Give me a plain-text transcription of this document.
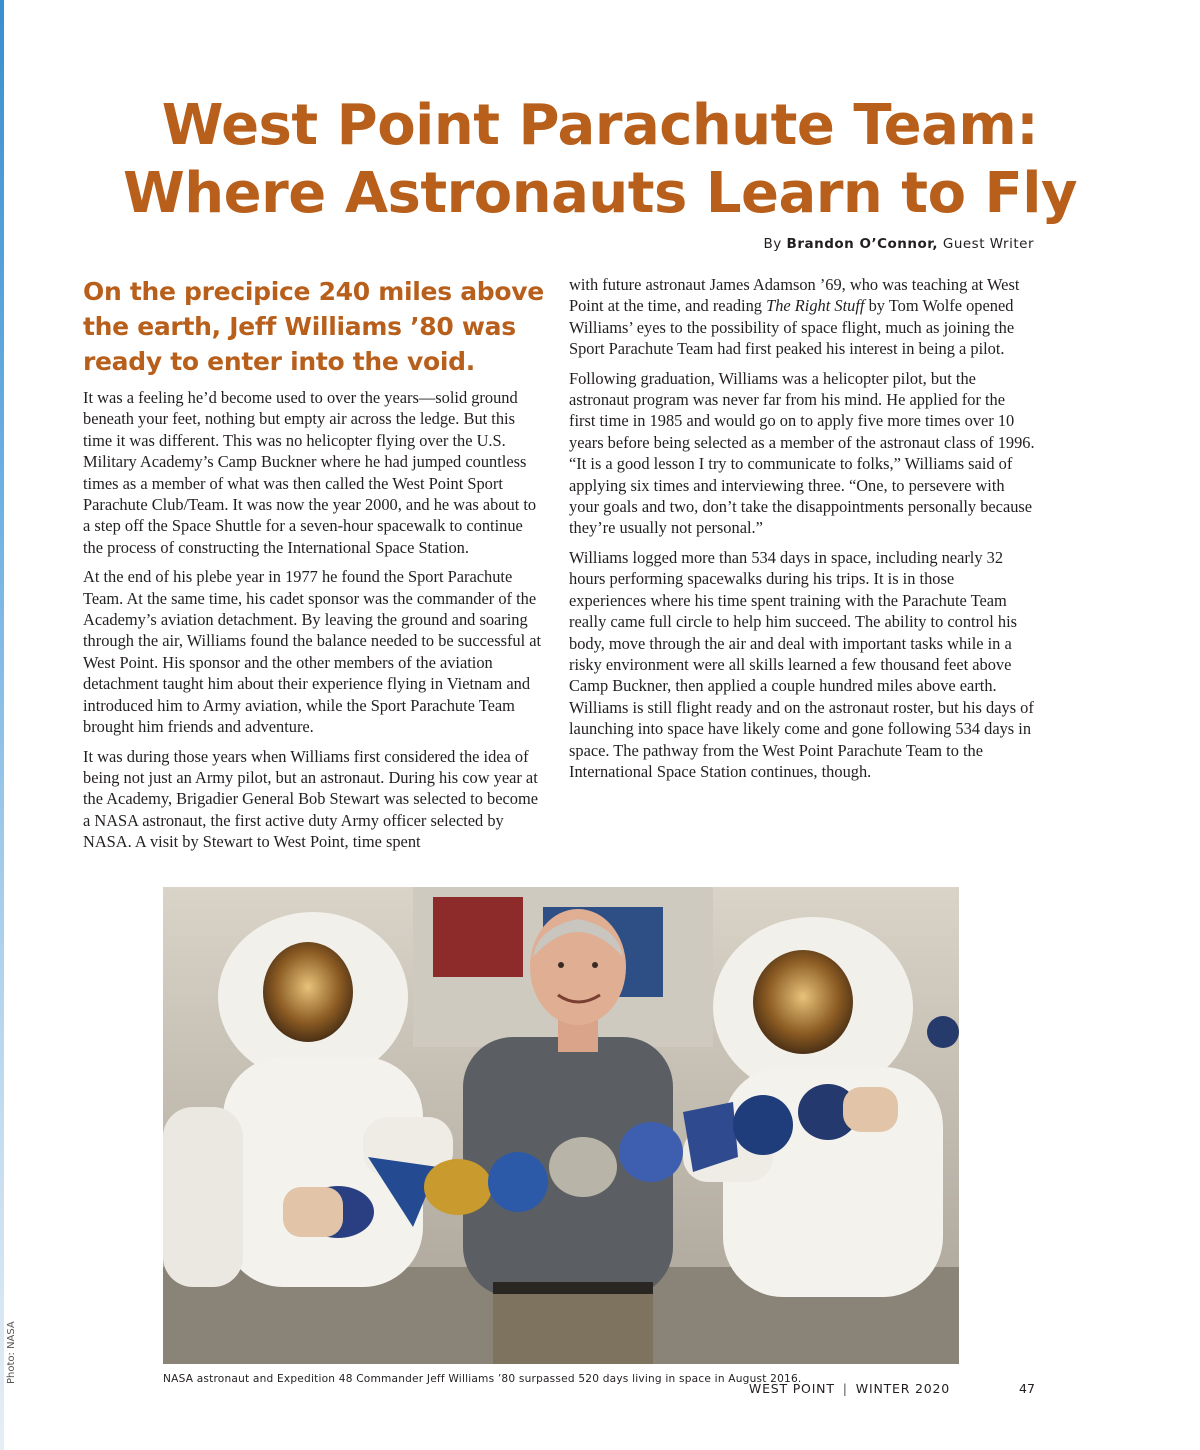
West Point Parachute Team:
Where Astronauts Learn to Fly
By Brandon O’Connor, Guest Writer

On the precipice 240 miles above the earth, Jeff Williams ’80 was ready to enter into the void.

It was a feeling he’d become used to over the years—solid ground beneath your feet, nothing but empty air across the ledge. But this time it was different. This was no helicopter flying over the U.S. Military Academy’s Camp Buckner where he had jumped countless times as a member of what was then called the West Point Sport Parachute Club/Team. It was now the year 2000, and he was about to a step off the Space Shuttle for a seven-hour spacewalk to continue the process of constructing the International Space Station.

At the end of his plebe year in 1977 he found the Sport Parachute Team. At the same time, his cadet sponsor was the commander of the Academy’s aviation detachment. By leaving the ground and soaring through the air, Williams found the balance needed to be successful at West Point. His sponsor and the other members of the aviation detachment taught him about their experience flying in Vietnam and introduced him to Army aviation, while the Sport Parachute Team brought him friends and adventure.

It was during those years when Williams first considered the idea of being not just an Army pilot, but an astronaut. During his cow year at the Academy, Brigadier General Bob Stewart was selected to become a NASA astronaut, the first active duty Army officer selected by NASA. A visit by Stewart to West Point, time spent

with future astronaut James Adamson ’69, who was teaching at West Point at the time, and reading The Right Stuff by Tom Wolfe opened Williams’ eyes to the possibility of space flight, much as joining the Sport Parachute Team had first peaked his interest in being a pilot.

Following graduation, Williams was a helicopter pilot, but the astronaut program was never far from his mind. He applied for the first time in 1985 and would go on to apply five more times over 10 years before being selected as a member of the astronaut class of 1996. “It is a good lesson I try to communicate to folks,” Williams said of applying six times and interviewing three. “One, to persevere with your goals and two, don’t take the disappointments personally because they’re usually not personal.”

Williams logged more than 534 days in space, including nearly 32 hours performing spacewalks during his trips. It is in those experiences where his time spent training with the Parachute Team really came full circle to help him succeed. The ability to control his body, move through the air and deal with important tasks while in a risky environment were all skills learned a few thousand feet above Camp Buckner, then applied a couple hundred miles above earth. Williams is still flight ready and on the astronaut roster, but his days of launching into space have likely come and gone following 534 days in space. The pathway from the West Point Parachute Team to the International Space Station continues, though.

NASA astronaut and Expedition 48 Commander Jeff Williams ’80 surpassed 520 days living in space in August 2016.
Photo: NASA
WEST POINT | WINTER 2020	47
